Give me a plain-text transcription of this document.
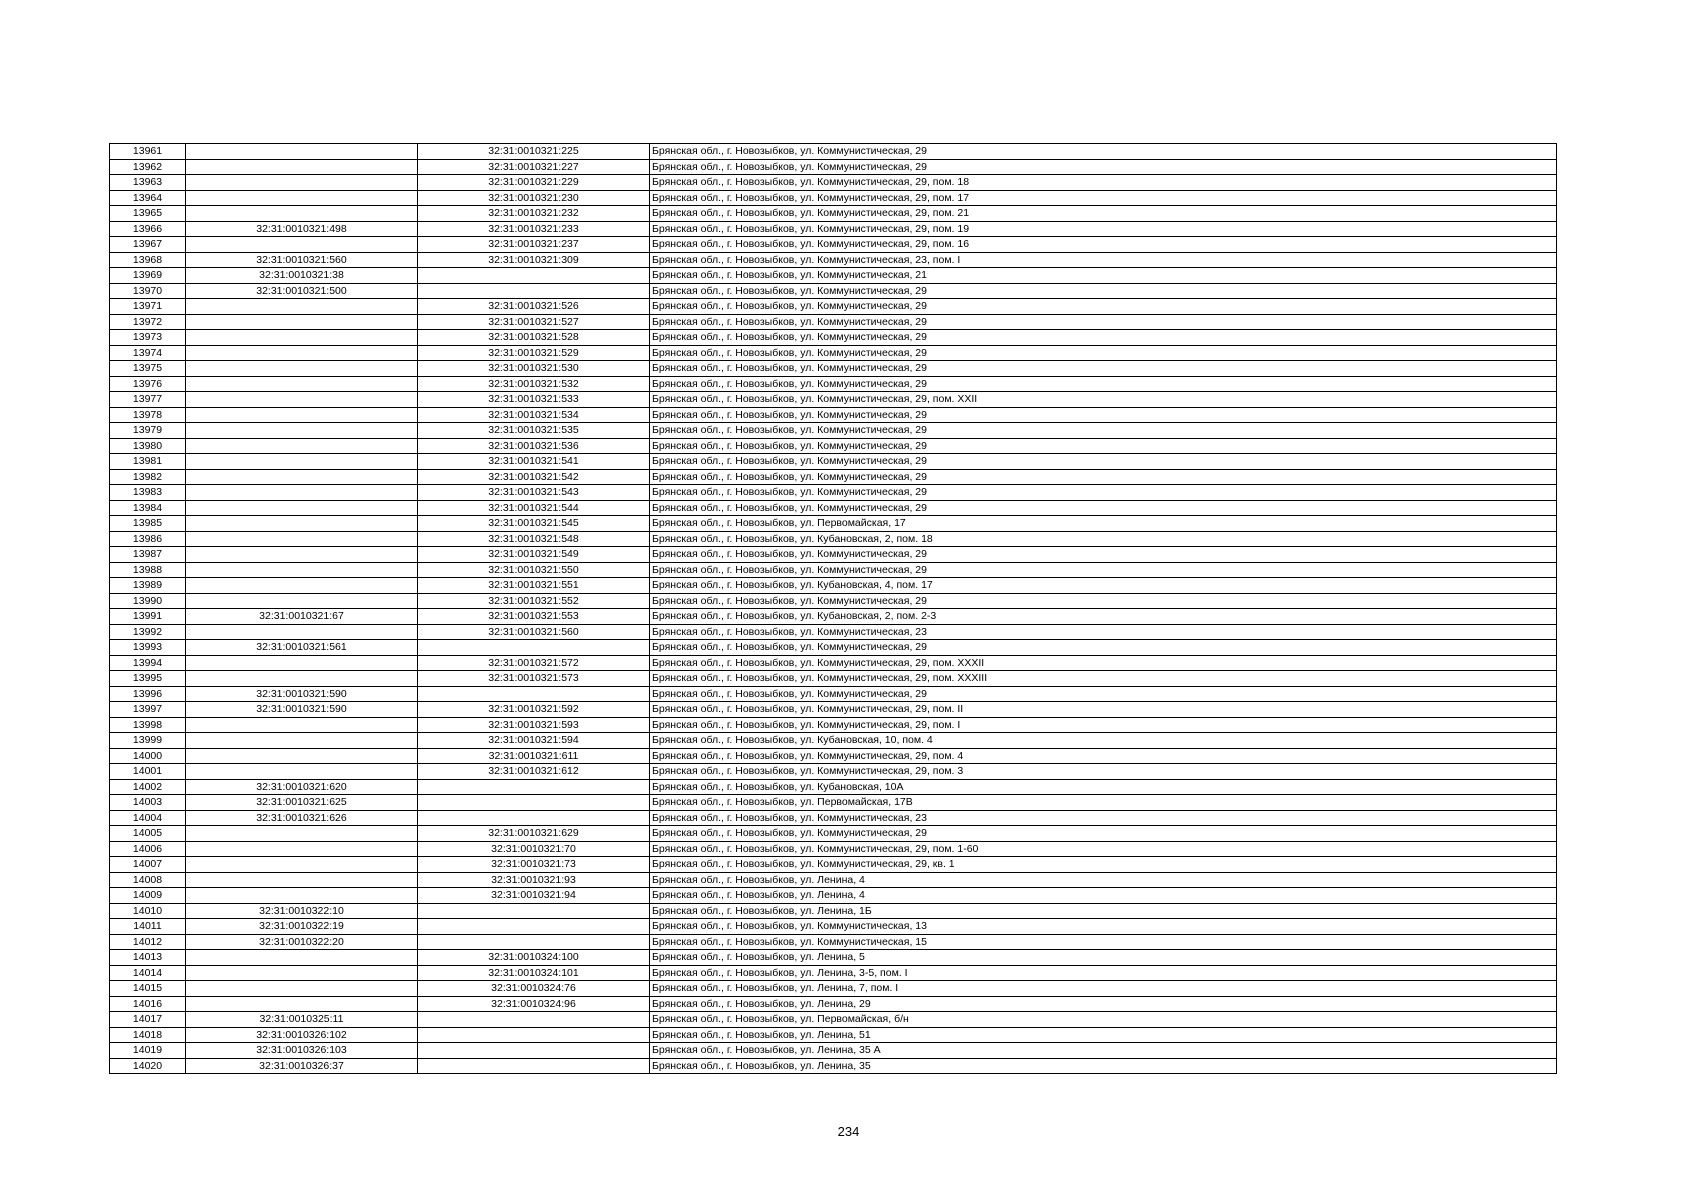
13961		32:31:0010321:225	Брянская обл., г. Новозыбков, ул. Коммунистическая, 29
13962		32:31:0010321:227	Брянская обл., г. Новозыбков, ул. Коммунистическая, 29
13963		32:31:0010321:229	Брянская обл., г. Новозыбков, ул. Коммунистическая, 29, пом. 18
13964		32:31:0010321:230	Брянская обл., г. Новозыбков, ул. Коммунистическая, 29, пом. 17
13965		32:31:0010321:232	Брянская обл., г. Новозыбков, ул. Коммунистическая, 29, пом. 21
13966	32:31:0010321:498	32:31:0010321:233	Брянская обл., г. Новозыбков, ул. Коммунистическая, 29, пом. 19
13967		32:31:0010321:237	Брянская обл., г. Новозыбков, ул. Коммунистическая, 29, пом. 16
13968	32:31:0010321:560	32:31:0010321:309	Брянская обл., г. Новозыбков, ул. Коммунистическая, 23, пом. I
13969	32:31:0010321:38		Брянская обл., г. Новозыбков, ул. Коммунистическая, 21
13970	32:31:0010321:500		Брянская обл., г. Новозыбков, ул. Коммунистическая, 29
13971		32:31:0010321:526	Брянская обл., г. Новозыбков, ул. Коммунистическая, 29
13972		32:31:0010321:527	Брянская обл., г. Новозыбков, ул. Коммунистическая, 29
13973		32:31:0010321:528	Брянская обл., г. Новозыбков, ул. Коммунистическая, 29
13974		32:31:0010321:529	Брянская обл., г. Новозыбков, ул. Коммунистическая, 29
13975		32:31:0010321:530	Брянская обл., г. Новозыбков, ул. Коммунистическая, 29
13976		32:31:0010321:532	Брянская обл., г. Новозыбков, ул. Коммунистическая, 29
13977		32:31:0010321:533	Брянская обл., г. Новозыбков, ул. Коммунистическая, 29, пом. XXII
13978		32:31:0010321:534	Брянская обл., г. Новозыбков, ул. Коммунистическая, 29
13979		32:31:0010321:535	Брянская обл., г. Новозыбков, ул. Коммунистическая, 29
13980		32:31:0010321:536	Брянская обл., г. Новозыбков, ул. Коммунистическая, 29
13981		32:31:0010321:541	Брянская обл., г. Новозыбков, ул. Коммунистическая, 29
13982		32:31:0010321:542	Брянская обл., г. Новозыбков, ул. Коммунистическая, 29
13983		32:31:0010321:543	Брянская обл., г. Новозыбков, ул. Коммунистическая, 29
13984		32:31:0010321:544	Брянская обл., г. Новозыбков, ул. Коммунистическая, 29
13985		32:31:0010321:545	Брянская обл., г. Новозыбков, ул. Первомайская, 17
13986		32:31:0010321:548	Брянская обл., г. Новозыбков, ул. Кубановская, 2, пом. 18
13987		32:31:0010321:549	Брянская обл., г. Новозыбков, ул. Коммунистическая, 29
13988		32:31:0010321:550	Брянская обл., г. Новозыбков, ул. Коммунистическая, 29
13989		32:31:0010321:551	Брянская обл., г. Новозыбков, ул. Кубановская, 4, пом. 17
13990		32:31:0010321:552	Брянская обл., г. Новозыбков, ул. Коммунистическая, 29
13991	32:31:0010321:67	32:31:0010321:553	Брянская обл., г. Новозыбков, ул. Кубановская, 2, пом. 2-3
13992		32:31:0010321:560	Брянская обл., г. Новозыбков, ул. Коммунистическая, 23
13993	32:31:0010321:561		Брянская обл., г. Новозыбков, ул. Коммунистическая, 29
13994		32:31:0010321:572	Брянская обл., г. Новозыбков, ул. Коммунистическая, 29, пом. XXXII
13995		32:31:0010321:573	Брянская обл., г. Новозыбков, ул. Коммунистическая, 29, пом. XXXIII
13996	32:31:0010321:590		Брянская обл., г. Новозыбков, ул. Коммунистическая, 29
13997	32:31:0010321:590	32:31:0010321:592	Брянская обл., г. Новозыбков, ул. Коммунистическая, 29, пом. II
13998		32:31:0010321:593	Брянская обл., г. Новозыбков, ул. Коммунистическая, 29, пом. I
13999		32:31:0010321:594	Брянская обл., г. Новозыбков, ул. Кубановская, 10, пом. 4
14000		32:31:0010321:611	Брянская обл., г. Новозыбков, ул. Коммунистическая, 29, пом. 4
14001		32:31:0010321:612	Брянская обл., г. Новозыбков, ул. Коммунистическая, 29, пом. 3
14002	32:31:0010321:620		Брянская обл., г. Новозыбков, ул. Кубановская, 10А
14003	32:31:0010321:625		Брянская обл., г. Новозыбков, ул. Первомайская, 17В
14004	32:31:0010321:626		Брянская обл., г. Новозыбков, ул. Коммунистическая, 23
14005		32:31:0010321:629	Брянская обл., г. Новозыбков, ул. Коммунистическая, 29
14006		32:31:0010321:70	Брянская обл., г. Новозыбков, ул. Коммунистическая, 29, пом. 1-60
14007		32:31:0010321:73	Брянская обл., г. Новозыбков, ул. Коммунистическая, 29, кв. 1
14008		32:31:0010321:93	Брянская обл., г. Новозыбков, ул. Ленина, 4
14009		32:31:0010321:94	Брянская обл., г. Новозыбков, ул. Ленина, 4
14010	32:31:0010322:10		Брянская обл., г. Новозыбков, ул. Ленина, 1Б
14011	32:31:0010322:19		Брянская обл., г. Новозыбков, ул. Коммунистическая, 13
14012	32:31:0010322:20		Брянская обл., г. Новозыбков, ул. Коммунистическая, 15
14013		32:31:0010324:100	Брянская обл., г. Новозыбков, ул. Ленина, 5
14014		32:31:0010324:101	Брянская обл., г. Новозыбков, ул. Ленина, 3-5, пом. I
14015		32:31:0010324:76	Брянская обл., г. Новозыбков, ул. Ленина, 7, пом. I
14016		32:31:0010324:96	Брянская обл., г. Новозыбков, ул. Ленина, 29
14017	32:31:0010325:11		Брянская обл., г. Новозыбков, ул. Первомайская, б/н
14018	32:31:0010326:102		Брянская обл., г. Новозыбков, ул. Ленина, 51
14019	32:31:0010326:103		Брянская обл., г. Новозыбков, ул. Ленина, 35 А
14020	32:31:0010326:37		Брянская обл., г. Новозыбков, ул. Ленина, 35
234
